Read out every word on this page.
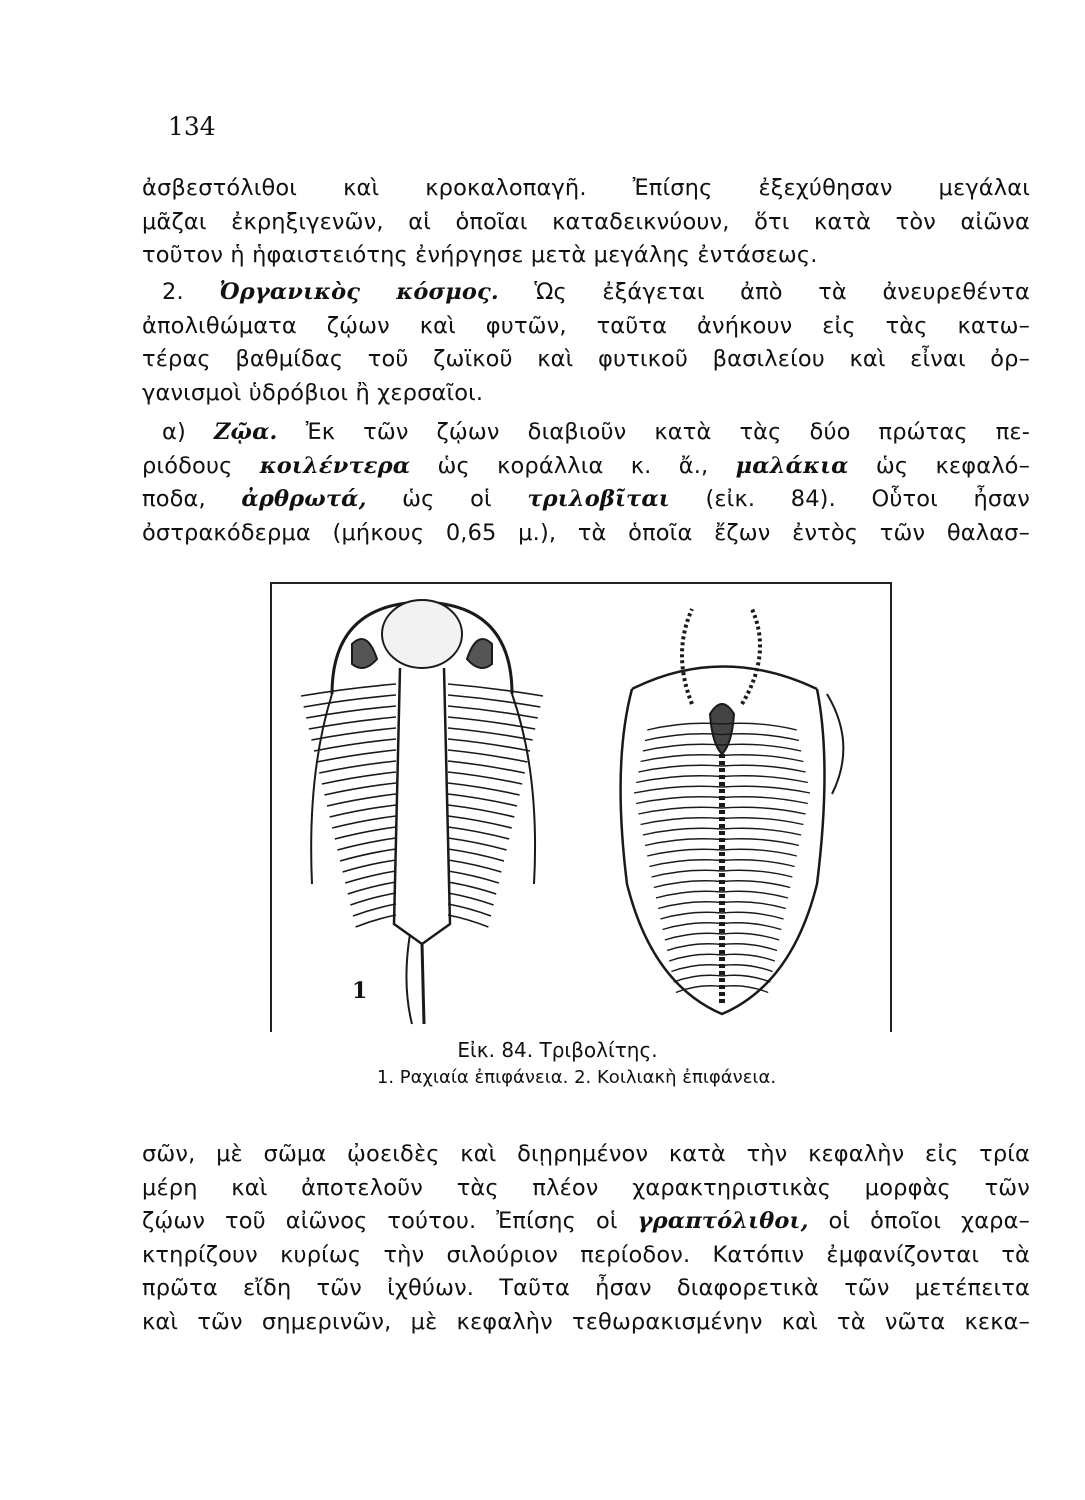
134

ἀσβεστόλιθοι καὶ κροκαλοπαγῆ. Ἐπίσης ἐξεχύθησαν μεγάλαι
μᾶζαι ἐκρηξιγενῶν, αἱ ὁποῖαι καταδεικνύουν, ὅτι κατὰ τὸν αἰῶνα
τοῦτον ἡ ἡφαιστειότης ἐνήργησε μετὰ μεγάλης ἐντάσεως.

2. Ὀργανικὸς κόσμος. Ὡς ἐξάγεται ἀπὸ τὰ ἀνευρεθέντα
ἀπολιθώματα ζῴων καὶ φυτῶν, ταῦτα ἀνήκουν εἰς τὰς κατω–
τέρας βαθμίδας τοῦ ζωϊκοῦ καὶ φυτικοῦ βασιλείου καὶ εἶναι ὀρ–
γανισμοὶ ὑδρόβιοι ἢ χερσαῖοι.

α) Ζῷα. Ἐκ τῶν ζῴων διαβιοῦν κατὰ τὰς δύο πρώτας πε-
ριόδους κοιλέντερα ὡς κοράλλια κ. ἄ., μαλάκια ὡς κεφαλό–
ποδα, ἀρθρωτά, ὡς οἱ τριλοβῖται (εἰκ. 84). Οὗτοι ἦσαν
ὀστρακόδερμα (μήκους 0,65 μ.), τὰ ὁποῖα ἔζων ἐντὸς τῶν θαλασ–

1
Εἰκ. 84. Τριβολίτης.
1. Ραχιαία ἐπιφάνεια. 2. Κοιλιακὴ ἐπιφάνεια.

σῶν, μὲ σῶμα ᾠοειδὲς καὶ διῃρημένον κατὰ τὴν κεφαλὴν εἰς τρία
μέρη καὶ ἀποτελοῦν τὰς πλέον χαρακτηριστικὰς μορφὰς τῶν
ζῴων τοῦ αἰῶνος τούτου. Ἐπίσης οἱ γραπτόλιθοι, οἱ ὁποῖοι χαρα–
κτηρίζουν κυρίως τὴν σιλούριον περίοδον. Κατόπιν ἐμφανίζονται τὰ
πρῶτα εἴδη τῶν ἰχθύων. Ταῦτα ἦσαν διαφορετικὰ τῶν μετέπειτα
καὶ τῶν σημερινῶν, μὲ κεφαλὴν τεθωρακισμένην καὶ τὰ νῶτα κεκα–
